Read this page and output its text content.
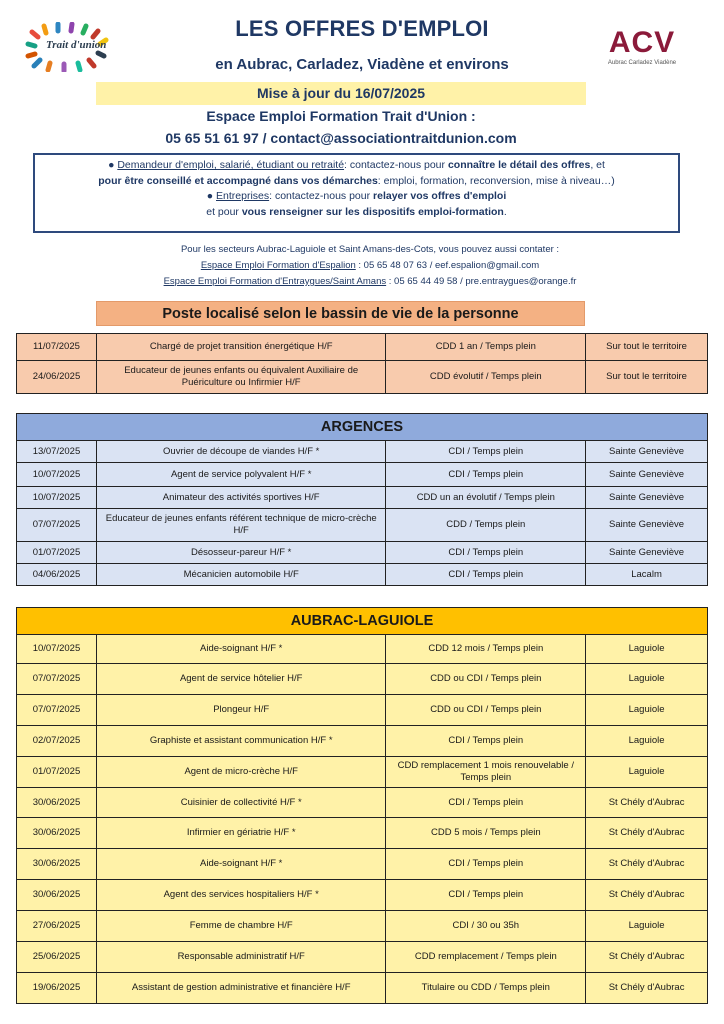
Trait d'union	ACV
Aubrac Carladez Viadène
LES OFFRES D'EMPLOI
en Aubrac, Carladez, Viadène et environs
Mise à jour du 16/07/2025
Espace Emploi Formation Trait d'Union :
05 65 51 61 97 / contact@associationtraitdunion.com
● Demandeur d'emploi, salarié, étudiant ou retraité: contactez-nous pour connaître le détail des offres, et
pour être conseillé et accompagné dans vos démarches: emploi, formation, reconversion, mise à niveau…)
● Entreprises: contactez-nous pour relayer vos offres d'emploi
et pour vous renseigner sur les dispositifs emploi-formation.
Pour les secteurs Aubrac-Laguiole et Saint Amans-des-Cots, vous pouvez aussi contater :
Espace Emploi Formation d'Espalion : 05 65 48 07 63 / eef.espalion@gmail.com
Espace Emploi Formation d'Entraygues/Saint Amans : 05 65 44 49 58 / pre.entraygues@orange.fr
Poste localisé selon le bassin de vie de la personne
11/07/2025	Chargé de projet transition énergétique H/F	CDD 1 an / Temps plein	Sur tout le territoire
24/06/2025	Educateur de jeunes enfants ou équivalent Auxiliaire de Puériculture ou Infirmier H/F	CDD évolutif / Temps plein	Sur tout le territoire
ARGENCES			
13/07/2025	Ouvrier de découpe de viandes H/F *	CDI / Temps plein	Sainte Geneviève
10/07/2025	Agent de service polyvalent H/F *	CDI / Temps plein	Sainte Geneviève
10/07/2025	Animateur des activités sportives H/F	CDD un an évolutif / Temps plein	Sainte Geneviève
07/07/2025	Educateur de jeunes enfants référent technique de micro-crèche H/F	CDD / Temps plein	Sainte Geneviève
01/07/2025	Désosseur-pareur H/F *	CDI / Temps plein	Sainte Geneviève
04/06/2025	Mécanicien automobile H/F	CDI / Temps plein	Lacalm
AUBRAC-LAGUIOLE			
10/07/2025	Aide-soignant H/F *	CDD 12 mois / Temps plein	Laguiole
07/07/2025	Agent de service hôtelier H/F	CDD ou CDI / Temps plein	Laguiole
07/07/2025	Plongeur H/F	CDD ou CDI / Temps plein	Laguiole
02/07/2025	Graphiste et assistant communication H/F *	CDI / Temps plein	Laguiole
01/07/2025	Agent de micro-crèche H/F	CDD remplacement 1 mois renouvelable / Temps plein	Laguiole
30/06/2025	Cuisinier de collectivité H/F *	CDI / Temps plein	St Chély d'Aubrac
30/06/2025	Infirmier en gériatrie H/F *	CDD 5 mois / Temps plein	St Chély d'Aubrac
30/06/2025	Aide-soignant H/F *	CDI / Temps plein	St Chély d'Aubrac
30/06/2025	Agent des services hospitaliers H/F *	CDI / Temps plein	St Chély d'Aubrac
27/06/2025	Femme de chambre H/F	CDI / 30 ou 35h	Laguiole
25/06/2025	Responsable administratif H/F	CDD remplacement / Temps plein	St Chély d'Aubrac
19/06/2025	Assistant de gestion administrative et financière H/F	Titulaire ou CDD / Temps plein	St Chély d'Aubrac
